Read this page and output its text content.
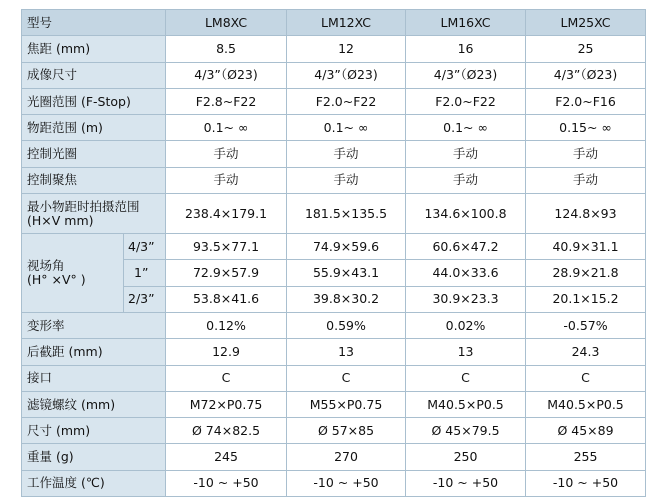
型号		LM8XC	LM12XC	LM16XC	LM25XC
焦距 (mm)		8.5	12	16	25
成像尺寸		4/3”（Ø23)	4/3”（Ø23)	4/3”（Ø23)	4/3”（Ø23)
光圈范围 (F-Stop)		F2.8~F22	F2.0~F22	F2.0~F22	F2.0~F16
物距范围 (m)		0.1~ ∞	0.1~ ∞	0.1~ ∞	0.15~ ∞
控制光圈		手动	手动	手动	手动
控制聚焦		手动	手动	手动	手动

最小物距时拍摄范围
(H×V mm)		238.4×179.1	181.5×135.5	134.6×100.8	124.8×93

视场角
(H° ×V° )	4/3”	93.5×77.1	74.9×59.6	60.6×47.2	40.9×31.1
	1”	72.9×57.9	55.9×43.1	44.0×33.6	28.9×21.8
	2/3”	53.8×41.6	39.8×30.2	30.9×23.3	20.1×15.2
变形率		0.12%	0.59%	0.02%	-0.57%
后截距 (mm)		12.9	13	13	24.3
接口		C	C	C	C
滤镜螺纹 (mm)		M72×P0.75	M55×P0.75	M40.5×P0.5	M40.5×P0.5
尺寸 (mm)		Ø 74×82.5	Ø 57×85	Ø 45×79.5	Ø 45×89
重量 (g)		245	270	250	255
工作温度 (℃)		-10 ~ +50	-10 ~ +50	-10 ~ +50	-10 ~ +50
